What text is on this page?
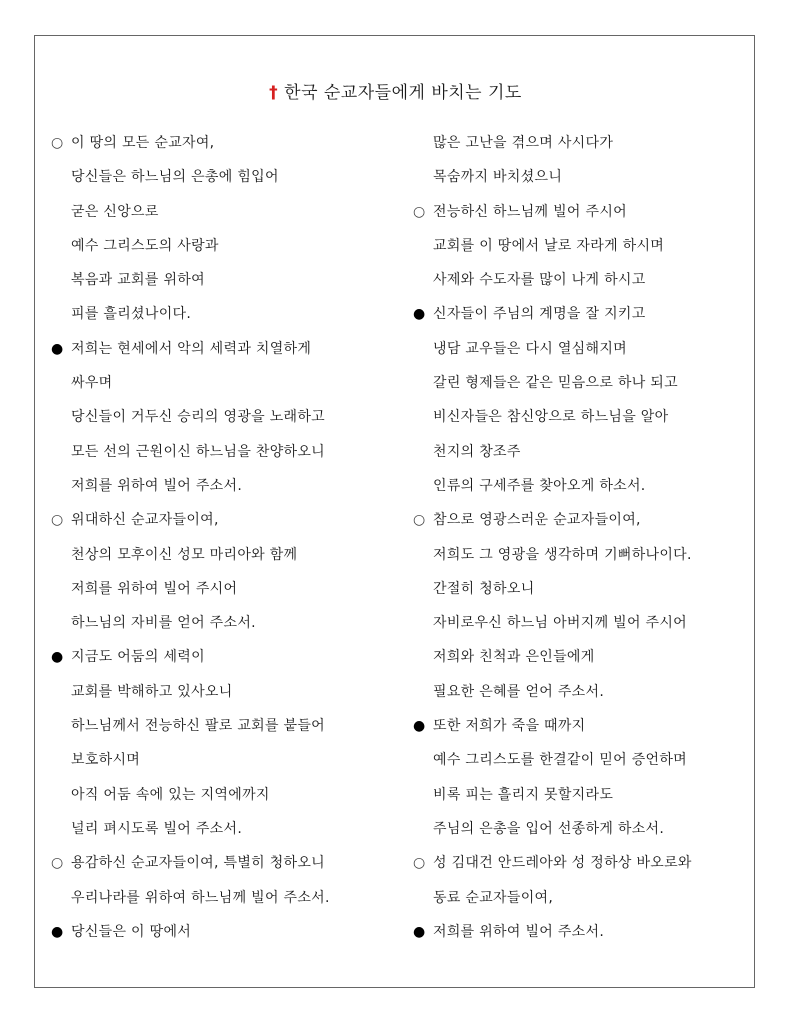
† 한국 순교자들에게 바치는 기도
○ 이 땅의 모든 순교자여,
당신들은 하느님의 은총에 힘입어
굳은 신앙으로
예수 그리스도의 사랑과
복음과 교회를 위하여
피를 흘리셨나이다.
● 저희는 현세에서 악의 세력과 치열하게
싸우며
당신들이 거두신 승리의 영광을 노래하고
모든 선의 근원이신 하느님을 찬양하오니
저희를 위하여 빌어 주소서.
○ 위대하신 순교자들이여,
천상의 모후이신 성모 마리아와 함께
저희를 위하여 빌어 주시어
하느님의 자비를 얻어 주소서.
● 지금도 어둠의 세력이
교회를 박해하고 있사오니
하느님께서 전능하신 팔로 교회를 붙들어
보호하시며
아직 어둠 속에 있는 지역에까지
널리 펴시도록 빌어 주소서.
○ 용감하신 순교자들이여, 특별히 청하오니
우리나라를 위하여 하느님께 빌어 주소서.
● 당신들은 이 땅에서
많은 고난을 겪으며 사시다가
목숨까지 바치셨으니
○ 전능하신 하느님께 빌어 주시어
교회를 이 땅에서 날로 자라게 하시며
사제와 수도자를 많이 나게 하시고
● 신자들이 주님의 계명을 잘 지키고
냉담 교우들은 다시 열심해지며
갈린 형제들은 같은 믿음으로 하나 되고
비신자들은 참신앙으로 하느님을 알아
천지의 창조주
인류의 구세주를 찾아오게 하소서.
○ 참으로 영광스러운 순교자들이여,
저희도 그 영광을 생각하며 기뻐하나이다.
간절히 청하오니
자비로우신 하느님 아버지께 빌어 주시어
저희와 친척과 은인들에게
필요한 은혜를 얻어 주소서.
● 또한 저희가 죽을 때까지
예수 그리스도를 한결같이 믿어 증언하며
비록 피는 흘리지 못할지라도
주님의 은총을 입어 선종하게 하소서.
○ 성 김대건 안드레아와 성 정하상 바오로와
동료 순교자들이여,
● 저희를 위하여 빌어 주소서.
